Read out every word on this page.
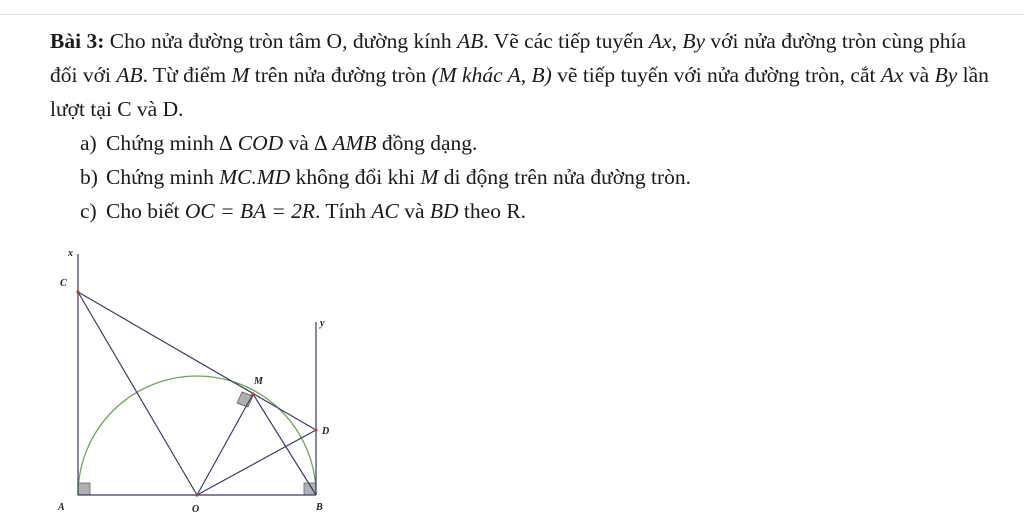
Bài 3: Cho nửa đường tròn tâm O, đường kính AB. Vẽ các tiếp tuyến Ax, By với nửa đường tròn cùng phía đối với AB. Từ điểm M trên nửa đường tròn (M khác A, B) vẽ tiếp tuyến với nửa đường tròn, cắt Ax và By lần lượt tại C và D.

a) Chứng minh ∆ COD và ∆ AMB đồng dạng.
b) Chứng minh MC.MD không đổi khi M di động trên nửa đường tròn.
c) Cho biết OC = BA = 2R. Tính AC và BD theo R.
x
C
y
M
D
A	O	B
